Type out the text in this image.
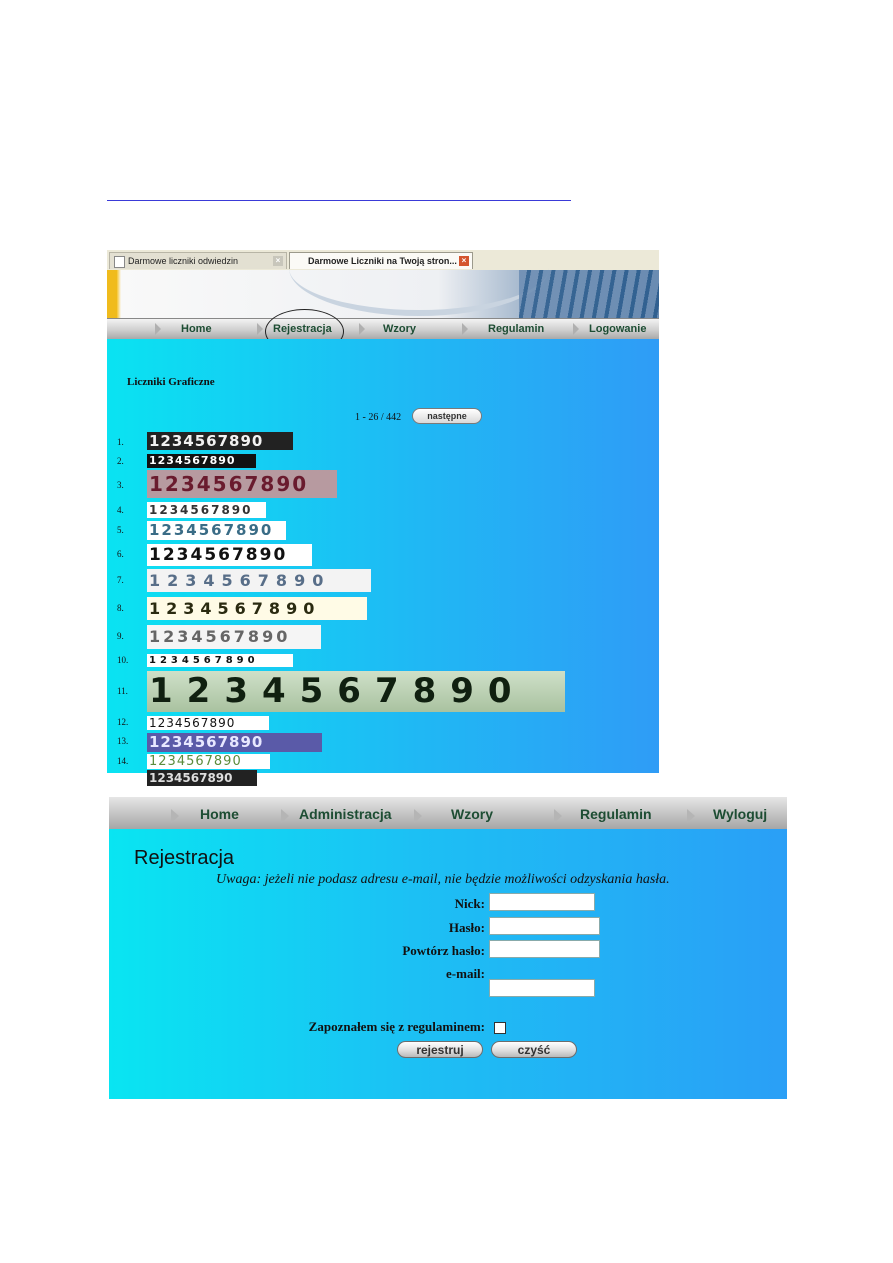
Darmowe liczniki odwiedzin	×	Darmowe Liczniki na Twoją stron... ×
Home	Rejestracja	Wzory	Regulamin	Logowanie
Liczniki Graficzne
1 - 26 / 442	następne
1.	1234567890
2.	1234567890
3.	1234567890
4.	1234567890
5.	1234567890
6.	1234567890
7.	1234567890
8.	1234567890
9.	1234567890
10.	1234567890
11. 1234567890
12.	1234567890
13.	1234567890
14.	1234567890
1234567890
Home	Administracja	Wzory	Regulamin	Wyloguj
Rejestracja
Uwaga: jeżeli nie podasz adresu e-mail, nie będzie możliwości odzyskania hasła.
Nick:
Hasło:
Powtórz hasło:
e-mail:
Zapoznałem się z regulaminem:
rejestruj	czyść
